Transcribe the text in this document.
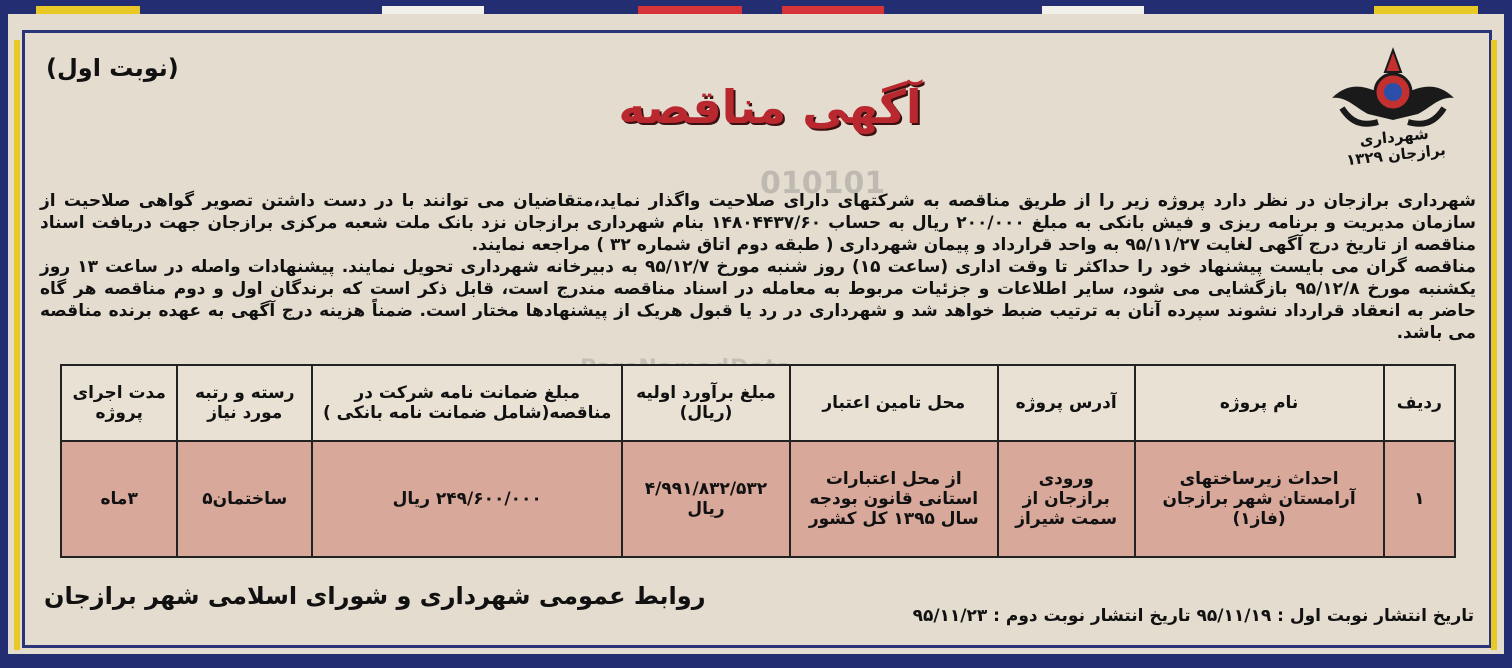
(نوبت اول)
آگهی مناقصه
شهرداری برازجان ۱۳۲۹
010101

شهرداری برازجان در نظر دارد پروژه زیر را از طریق مناقصه به شرکتهای دارای صلاحیت واگذار نماید،متقاضیان می توانند با در دست داشتن تصویر گواهی صلاحیت از سازمان مدیریت و برنامه ریزی و فیش بانکی به مبلغ ۲۰۰/۰۰۰ ریال به حساب ۱۴۸۰۴۴۳۷/۶۰ بنام شهرداری برازجان نزد بانک ملت شعبه مرکزی برازجان جهت دریافت اسناد مناقصه از تاریخ درج آگهی لغایت ۹۵/۱۱/۲۷ به واحد قرارداد و پیمان شهرداری ( طبقه دوم اتاق شماره ۳۲ ) مراجعه نمایند.

مناقصه گران می بایست پیشنهاد خود را حداکثر تا وقت اداری (ساعت ۱۵) روز شنبه مورخ ۹۵/۱۲/۷ به دبیرخانه شهرداری تحویل نمایند. پیشنهادات واصله در ساعت ۱۳ روز یکشنبه مورخ ۹۵/۱۲/۸ بازگشایی می شود، سایر اطلاعات و جزئیات مربوط به معامله در اسناد مناقصه مندرج است، قابل ذکر است که برندگان اول و دوم مناقصه هر گاه حاضر به انعقاد قرارداد نشوند سپرده آنان به ترتیب ضبط خواهد شد و شهرداری در رد یا قبول هریک از پیشنهادها مختار است. ضمناً هزینه درج آگهی به عهده برنده مناقصه می باشد.

ردیف	نام پروژه	آدرس پروژه	محل تامین اعتبار	مبلغ برآورد اولیه (ریال)	مبلغ ضمانت نامه شرکت در مناقصه(شامل ضمانت نامه بانکی )	رسته و رتبه مورد نیاز	مدت اجرای پروژه
۱	احداث زیرساختهای آرامستان شهر برازجان (فاز۱)	ورودی برازجان از سمت شیراز	از محل اعتبارات استانی قانون بودجه سال ۱۳۹۵ کل کشور	۴/۹۹۱/۸۳۲/۵۳۲ ریال	۲۴۹/۶۰۰/۰۰۰ ریال	ساختمان۵	۳ماه
روابط عمومی شهرداری و شورای اسلامی شهر برازجان
تاریخ انتشار نوبت اول : ۹۵/۱۱/۱۹ تاریخ انتشار نوبت دوم : ۹۵/۱۱/۲۳
